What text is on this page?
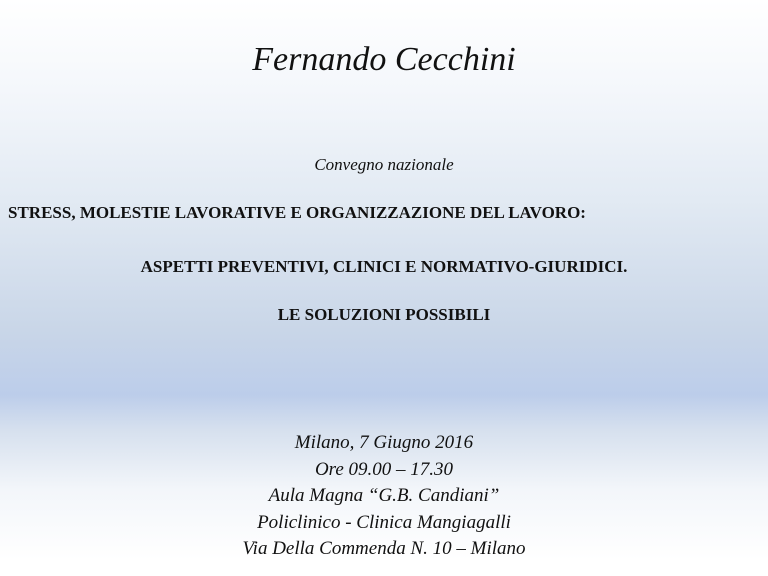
Fernando Cecchini
Convegno nazionale
STRESS, MOLESTIE LAVORATIVE E ORGANIZZAZIONE DEL LAVORO:
ASPETTI PREVENTIVI, CLINICI E NORMATIVO-GIURIDICI.
LE SOLUZIONI POSSIBILI
Milano, 7 Giugno 2016
Ore 09.00 – 17.30
Aula Magna “G.B. Candiani”
Policlinico - Clinica Mangiagalli
Via Della Commenda N. 10 – Milano
